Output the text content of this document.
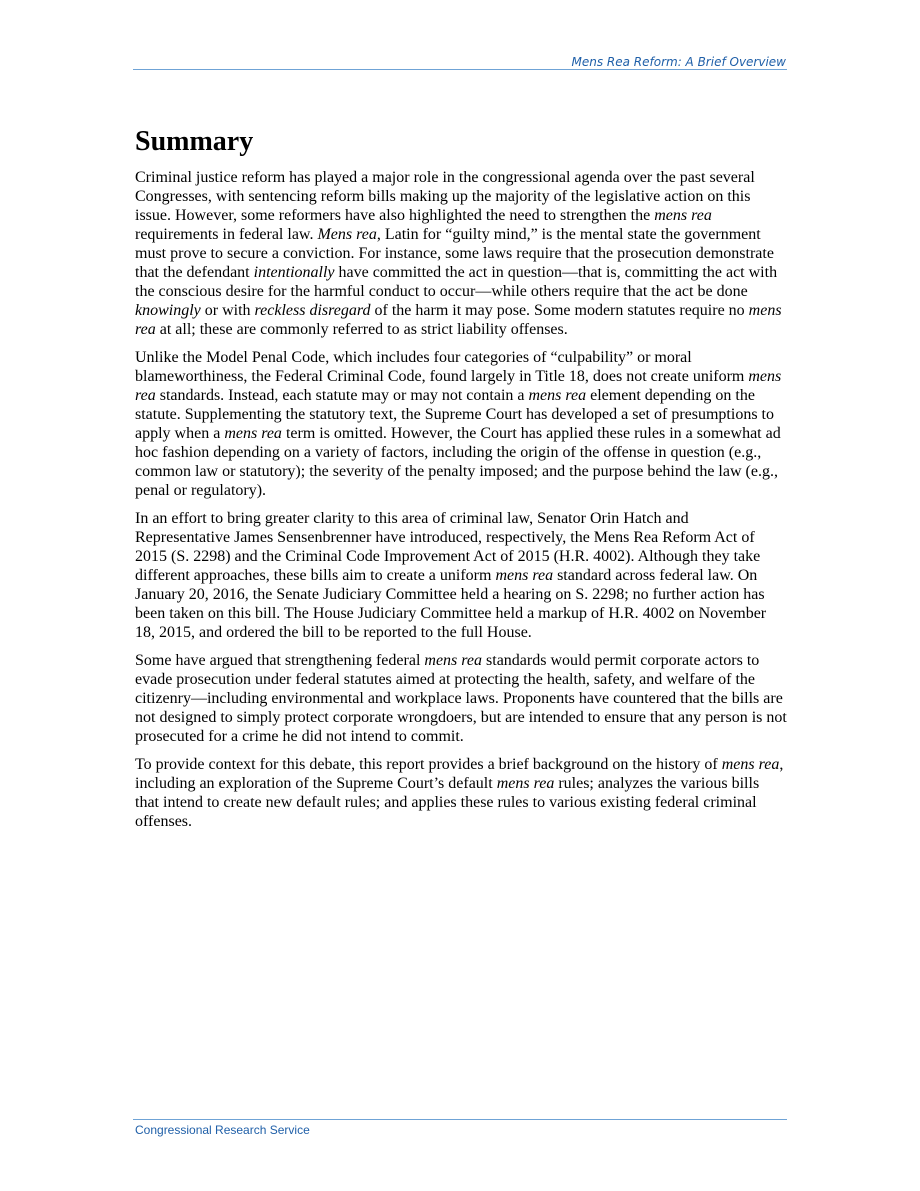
Mens Rea Reform: A Brief Overview
Summary

Criminal justice reform has played a major role in the congressional agenda over the past several Congresses, with sentencing reform bills making up the majority of the legislative action on this issue. However, some reformers have also highlighted the need to strengthen the mens rea requirements in federal law. Mens rea, Latin for “guilty mind,” is the mental state the government must prove to secure a conviction. For instance, some laws require that the prosecution demonstrate that the defendant intentionally have committed the act in question—that is, committing the act with the conscious desire for the harmful conduct to occur—while others require that the act be done knowingly or with reckless disregard of the harm it may pose. Some modern statutes require no mens rea at all; these are commonly referred to as strict liability offenses.

Unlike the Model Penal Code, which includes four categories of “culpability” or moral blameworthiness, the Federal Criminal Code, found largely in Title 18, does not create uniform mens rea standards. Instead, each statute may or may not contain a mens rea element depending on the statute. Supplementing the statutory text, the Supreme Court has developed a set of presumptions to apply when a mens rea term is omitted. However, the Court has applied these rules in a somewhat ad hoc fashion depending on a variety of factors, including the origin of the offense in question (e.g., common law or statutory); the severity of the penalty imposed; and the purpose behind the law (e.g., penal or regulatory).

In an effort to bring greater clarity to this area of criminal law, Senator Orin Hatch and Representative James Sensenbrenner have introduced, respectively, the Mens Rea Reform Act of 2015 (S. 2298) and the Criminal Code Improvement Act of 2015 (H.R. 4002). Although they take different approaches, these bills aim to create a uniform mens rea standard across federal law. On January 20, 2016, the Senate Judiciary Committee held a hearing on S. 2298; no further action has been taken on this bill. The House Judiciary Committee held a markup of H.R. 4002 on November 18, 2015, and ordered the bill to be reported to the full House.

Some have argued that strengthening federal mens rea standards would permit corporate actors to evade prosecution under federal statutes aimed at protecting the health, safety, and welfare of the citizenry—including environmental and workplace laws. Proponents have countered that the bills are not designed to simply protect corporate wrongdoers, but are intended to ensure that any person is not prosecuted for a crime he did not intend to commit.

To provide context for this debate, this report provides a brief background on the history of mens rea, including an exploration of the Supreme Court’s default mens rea rules; analyzes the various bills that intend to create new default rules; and applies these rules to various existing federal criminal offenses.

Congressional Research Service
